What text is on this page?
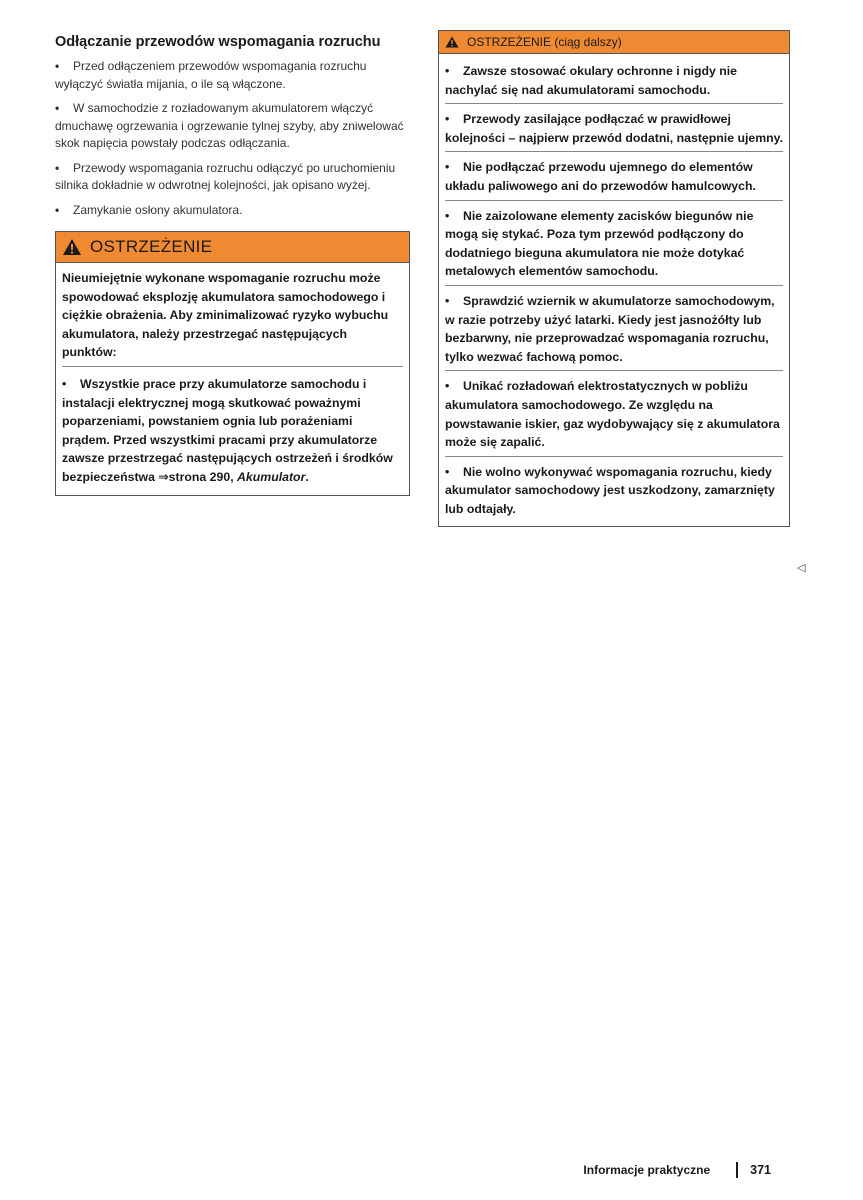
Odłączanie przewodów wspomagania rozruchu
• Przed odłączeniem przewodów wspomagania rozruchu wyłączyć światła mijania, o ile są włączone.
• W samochodzie z rozładowanym akumulatorem włączyć dmuchawę ogrzewania i ogrzewanie tylnej szyby, aby zniwelować skok napięcia powstały podczas odłączania.
• Przewody wspomagania rozruchu odłączyć po uruchomieniu silnika dokładnie w odwrotnej kolejności, jak opisano wyżej.
• Zamykanie osłony akumulatora.
OSTRZEŻENIE

Nieumiejętnie wykonane wspomaganie rozruchu może spowodować eksplozję akumulatora samochodowego i ciężkie obrażenia. Aby zminimalizować ryzyko wybuchu akumulatora, należy przestrzegać następujących punktów:

• Wszystkie prace przy akumulatorze samochodu i instalacji elektrycznej mogą skutkować poważnymi poparzeniami, powstaniem ognia lub porażeniami prądem. Przed wszystkimi pracami przy akumulatorze zawsze przestrzegać następujących ostrzeżeń i środków bezpieczeństwa ⇒strona 290, Akumulator.
OSTRZEŻENIE (ciąg dalszy)
• Zawsze stosować okulary ochronne i nigdy nie nachylać się nad akumulatorami samochodu.
• Przewody zasilające podłączać w prawidłowej kolejności – najpierw przewód dodatni, następnie ujemny.
• Nie podłączać przewodu ujemnego do elementów układu paliwowego ani do przewodów hamulcowych.
• Nie zaizolowane elementy zacisków biegunów nie mogą się stykać. Poza tym przewód podłączony do dodatniego bieguna akumulatora nie może dotykać metalowych elementów samochodu.
• Sprawdzić wziernik w akumulatorze samochodowym, w razie potrzeby użyć latarki. Kiedy jest jasnożółty lub bezbarwny, nie przeprowadzać wspomagania rozruchu, tylko wezwać fachową pomoc.
• Unikać rozładowań elektrostatycznych w pobliżu akumulatora samochodowego. Ze względu na powstawanie iskier, gaz wydobywający się z akumulatora może się zapalić.
• Nie wolno wykonywać wspomagania rozruchu, kiedy akumulator samochodowy jest uszkodzony, zamarznięty lub odtajały.
◁
Informacje praktyczne	371
